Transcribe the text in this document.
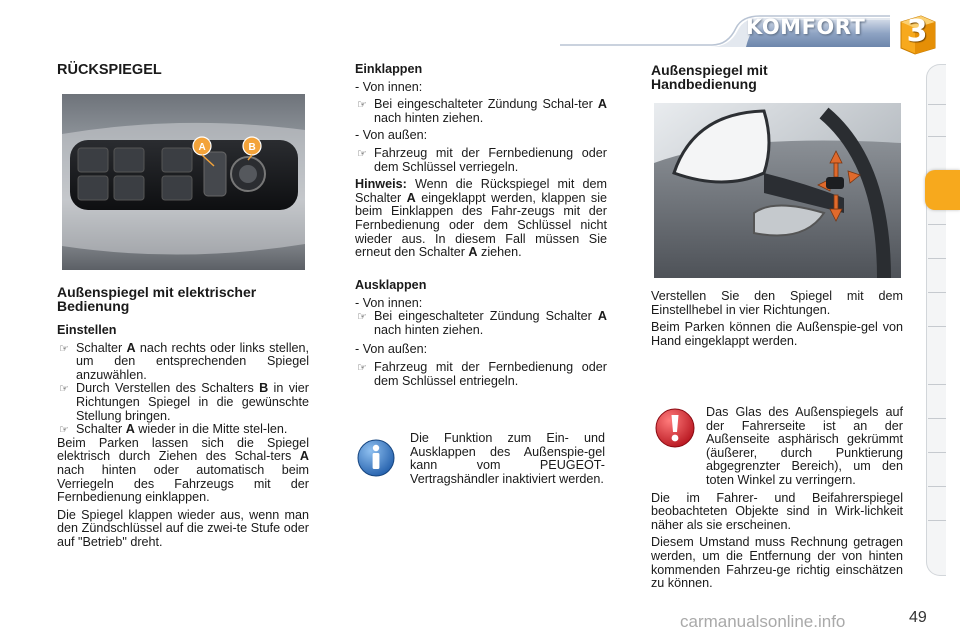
KOMFORT	3
RÜCKSPIEGEL
A	B
Außenspiegel mit elektrischer Bedienung
Einstellen
☞ Schalter A nach rechts oder links stellen, um den entsprechenden Spiegel anzuwählen.
☞ Durch Verstellen des Schalters B in vier Richtungen Spiegel in die gewünschte Stellung bringen.
☞ Schalter A wieder in die Mitte stel-len.

Beim Parken lassen sich die Spiegel elektrisch durch Ziehen des Schal-ters A nach hinten oder automatisch beim Verriegeln des Fahrzeugs mit der Fernbedienung einklappen.

Die Spiegel klappen wieder aus, wenn man den Zündschlüssel auf die zwei-te Stufe oder auf "Betrieb" dreht.

Einklappen
- Von innen:
☞ Bei eingeschalteter Zündung Schal-ter A nach hinten ziehen.
- Von außen:
☞ Fahrzeug mit der Fernbedienung oder dem Schlüssel verriegeln.

Hinweis: Wenn die Rückspiegel mit dem Schalter A eingeklappt werden, klappen sie beim Einklappen des Fahr-zeugs mit der Fernbedienung oder dem Schlüssel nicht wieder aus. In diesem Fall müssen Sie erneut den Schalter A ziehen.

Ausklappen
- Von innen:
☞ Bei eingeschalteter Zündung Schalter A nach hinten ziehen.
- Von außen:
☞ Fahrzeug mit der Fernbedienung oder dem Schlüssel entriegeln.
Die Funktion zum Ein- und Ausklappen des Außenspie-gel kann vom PEUGEOT-Vertragshändler inaktiviert werden.
Außenspiegel mit Handbedienung

Verstellen Sie den Spiegel mit dem Einstellhebel in vier Richtungen.

Beim Parken können die Außenspie-gel von Hand eingeklappt werden.

Das Glas des Außenspiegels auf der Fahrerseite ist an der Außenseite asphärisch gekrümmt (äußerer, durch Punktierung abgegrenzter Bereich), um den toten Winkel zu verringern.

Die im Fahrer- und Beifahrerspiegel beobachteten Objekte sind in Wirk-lichkeit näher als sie erscheinen.

Diesem Umstand muss Rechnung getragen werden, um die Entfernung der von hinten kommenden Fahrzeu-ge richtig einschätzen zu können.

carmanualsonline.info	49
